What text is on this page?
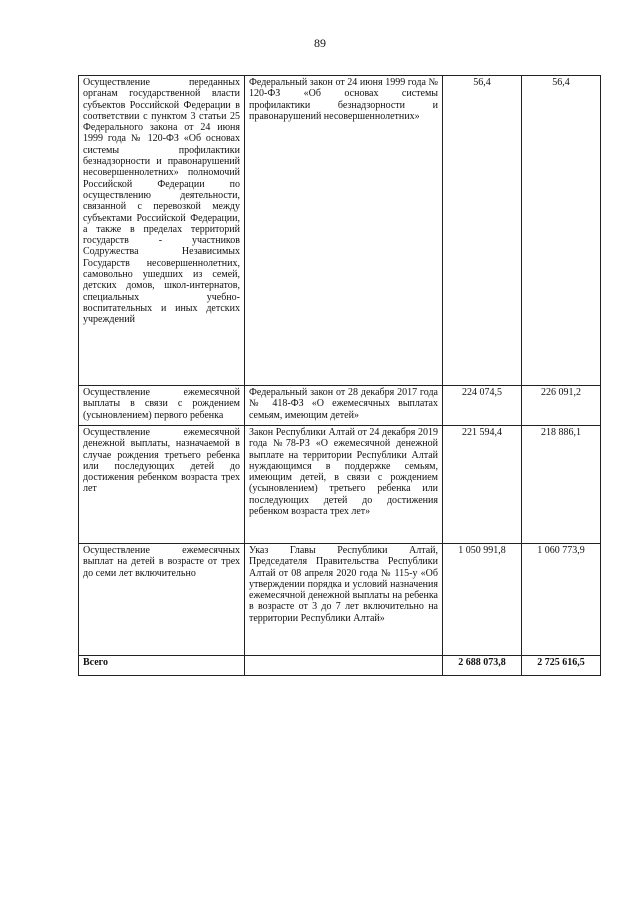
89
Осуществление переданных органам государственной власти субъектов Российской Федерации в соответствии с пунктом 3 статьи 25 Федерального закона от 24 июня 1999 года № 120-ФЗ «Об основах системы профилактики безнадзорности и правонарушений несовершеннолетних» полномочий Российской Федерации по осуществлению деятельности, связанной с перевозкой между субъектами Российской Федерации, а также в пределах территорий государств - участников Содружества Независимых Государств несовершеннолетних, самовольно ушедших из семей, детских домов, школ-интернатов, специальных учебно-воспитательных и иных детских учреждений	Федеральный закон от 24 июня 1999 года № 120-ФЗ «Об основах системы профилактики безнадзорности и правонарушений несовершеннолетних»	56,4	56,4
Осуществление ежемесячной выплаты в связи с рождением (усыновлением) первого ребенка	Федеральный закон от 28 декабря 2017 года № 418-ФЗ «О ежемесячных выплатах семьям, имеющим детей»	224 074,5	226 091,2
Осуществление ежемесячной денежной выплаты, назначаемой в случае рождения третьего ребенка или последующих детей до достижения ребенком возраста трех лет	Закон Республики Алтай от 24 декабря 2019 года №78-РЗ «О ежемесячной денежной выплате на территории Республики Алтай нуждающимся в поддержке семьям, имеющим детей, в связи с рождением (усыновлением) третьего ребенка или последующих детей до достижения ребенком возраста трех лет»	221 594,4	218 886,1
Осуществление ежемесячных выплат на детей в возрасте от трех до семи лет включительно	Указ Главы Республики Алтай, Председателя Правительства Республики Алтай от 08 апреля 2020 года № 115-у «Об утверждении порядка и условий назначения ежемесячной денежной выплаты на ребенка в возрасте от 3 до 7 лет включительно на территории Республики Алтай»	1 050 991,8	1 060 773,9
Всего		2 688 073,8	2 725 616,5
